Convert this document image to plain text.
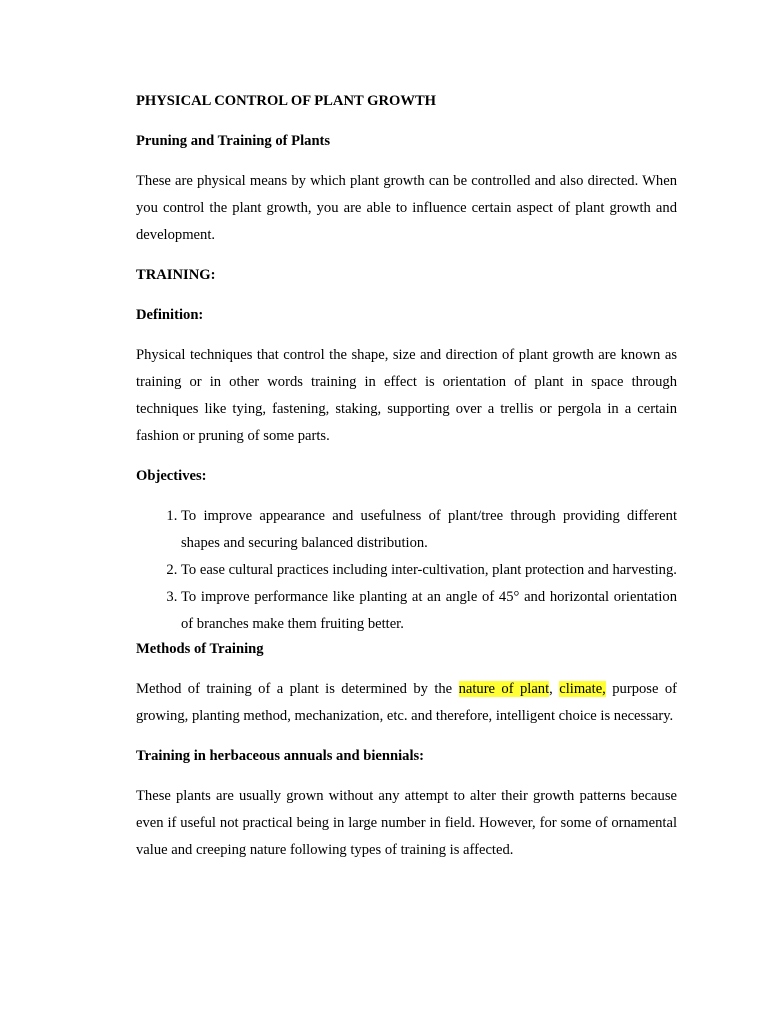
PHYSICAL CONTROL OF PLANT GROWTH
Pruning and Training of Plants

These are physical means by which plant growth can be controlled and also directed. When you control the plant growth, you are able to influence certain aspect of plant growth and development.

TRAINING:
Definition:

Physical techniques that control the shape, size and direction of plant growth are known as training or in other words training in effect is orientation of plant in space through techniques like tying, fastening, staking, supporting over a trellis or pergola in a certain fashion or pruning of some parts.

Objectives:
1. To improve appearance and usefulness of plant/tree through providing different shapes and securing balanced distribution.
2. To ease cultural practices including inter-cultivation, plant protection and harvesting.
3. To improve performance like planting at an angle of 45° and horizontal orientation of branches make them fruiting better.
Methods of Training

Method of training of a plant is determined by the nature of plant, climate, purpose of growing, planting method, mechanization, etc. and therefore, intelligent choice is necessary.

Training in herbaceous annuals and biennials:

These plants are usually grown without any attempt to alter their growth patterns because even if useful not practical being in large number in field. However, for some of ornamental value and creeping nature following types of training is affected.
